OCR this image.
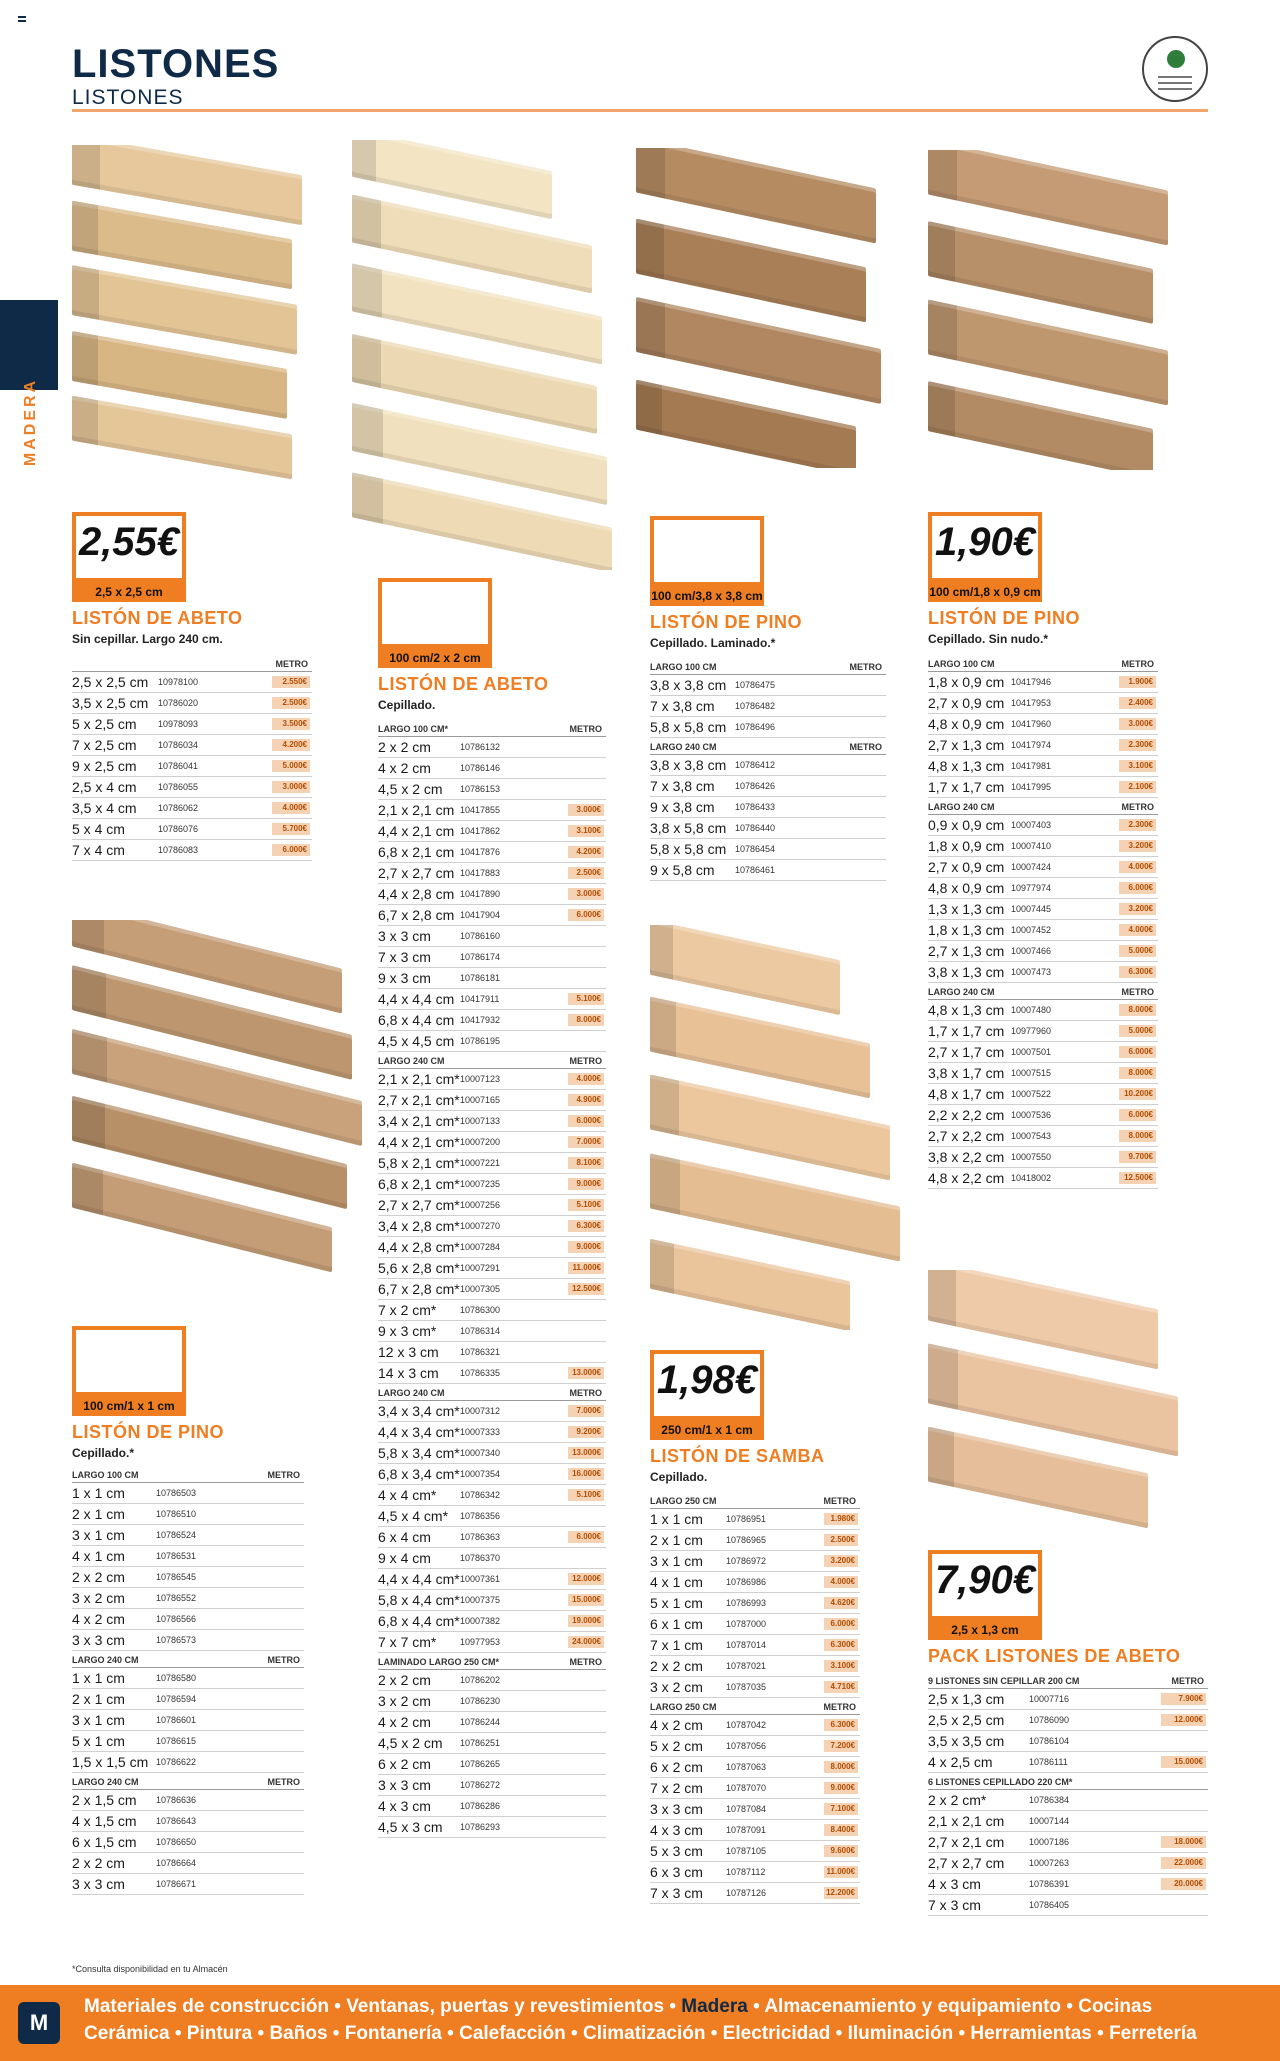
LISTONES
LISTONES
MADERA
2,55€
2,5 x 2,5 cm
100 cm/2 x 2 cm
100 cm/3,8 x 3,8 cm
1,90€
100 cm/1,8 x 0,9 cm
100 cm/1 x 1 cm
1,98€
250 cm/1 x 1 cm
7,90€
2,5 x 1,3 cm
LISTÓN DE ABETO
Sin cepillar. Largo 240 cm.
LISTÓN DE ABETO
Cepillado.
LISTÓN DE PINO
Cepillado. Laminado.*
LISTÓN DE PINO
Cepillado. Sin nudo.*
LISTÓN DE PINO
Cepillado.*	LISTÓN DE SAMBA
Cepillado.
PACK LISTONES DE ABETO
METRO
2,5 x 2,5 cm 10978100	2.550€
3,5 x 2,5 cm 10786020	2.500€
5 x 2,5 cm 10978093	3.500€
7 x 2,5 cm 10786034	4.200€
9 x 2,5 cm 10786041	5.000€
2,5 x 4 cm 10786055	3.000€
3,5 x 4 cm 10786062	4.000€
5 x 4 cm	10786076	5.700€
7 x 4 cm	10786083	6.000€
LARGO 100 CM*	METRO
2 x 2 cm	10786132
4 x 2 cm	10786146
4,5 x 2 cm 10786153
2,1 x 2,1 cm 10417855	3.000€
4,4 x 2,1 cm 10417862	3.100€
6,8 x 2,1 cm 10417876	4.200€
2,7 x 2,7 cm 10417883	2.500€
4,4 x 2,8 cm 10417890	3.000€
6,7 x 2,8 cm 10417904	6.000€
3 x 3 cm	10786160
7 x 3 cm	10786174
9 x 3 cm	10786181
4,4 x 4,4 cm 10417911	5.100€
6,8 x 4,4 cm 10417932	8.000€
4,5 x 4,5 cm 10786195
LARGO 240 CM	METRO
2,1 x 2,1 cm* 10007123	4.000€
2,7 x 2,1 cm* 10007165	4.900€
3,4 x 2,1 cm* 10007133	6.000€
4,4 x 2,1 cm* 10007200	7.000€
5,8 x 2,1 cm* 10007221	8.100€
6,8 x 2,1 cm* 10007235	9.000€
2,7 x 2,7 cm* 10007256	5.100€
3,4 x 2,8 cm* 10007270	6.300€
4,4 x 2,8 cm* 10007284	9.000€
5,6 x 2,8 cm* 10007291	11.000€
6,7 x 2,8 cm* 10007305	12.500€
7 x 2 cm*	10786300
9 x 3 cm*	10786314
12 x 3 cm 10786321
14 x 3 cm 10786335	13.000€
LARGO 240 CM	METRO
3,4 x 3,4 cm* 10007312	7.000€
4,4 x 3,4 cm* 10007333	9.200€
5,8 x 3,4 cm* 10007340	13.000€
6,8 x 3,4 cm* 10007354	16.000€
4 x 4 cm*	10786342	5.100€
4,5 x 4 cm* 10786356
6 x 4 cm	10786363	6.000€
9 x 4 cm	10786370
4,4 x 4,4 cm* 10007361	12.000€
5,8 x 4,4 cm* 10007375	15.000€
6,8 x 4,4 cm* 10007382	19.000€
7 x 7 cm*	10977953	24.000€
LAMINADO LARGO 250 CM*	METRO
2 x 2 cm	10786202
3 x 2 cm	10786230
4 x 2 cm	10786244
4,5 x 2 cm 10786251
6 x 2 cm	10786265
3 x 3 cm	10786272
4 x 3 cm	10786286
4,5 x 3 cm 10786293
LARGO 100 CM	METRO
3,8 x 3,8 cm 10786475
7 x 3,8 cm 10786482
5,8 x 5,8 cm 10786496
LARGO 240 CM	METRO
3,8 x 3,8 cm 10786412
7 x 3,8 cm 10786426
9 x 3,8 cm 10786433
3,8 x 5,8 cm 10786440
5,8 x 5,8 cm 10786454
9 x 5,8 cm 10786461
LARGO 100 CM	METRO
1,8 x 0,9 cm 10417946	1.900€
2,7 x 0,9 cm 10417953	2.400€
4,8 x 0,9 cm 10417960	3.000€
2,7 x 1,3 cm 10417974	2.300€
4,8 x 1,3 cm 10417981	3.100€
1,7 x 1,7 cm 10417995	2.100€
LARGO 240 CM	METRO
0,9 x 0,9 cm 10007403	2.300€
1,8 x 0,9 cm 10007410	3.200€
2,7 x 0,9 cm 10007424	4.000€
4,8 x 0,9 cm 10977974	6.000€
1,3 x 1,3 cm 10007445	3.200€
1,8 x 1,3 cm 10007452	4.000€
2,7 x 1,3 cm 10007466	5.000€
3,8 x 1,3 cm 10007473	6.300€
LARGO 240 CM	METRO
4,8 x 1,3 cm 10007480	8.000€
1,7 x 1,7 cm 10977960	5.000€
2,7 x 1,7 cm 10007501	6.000€
3,8 x 1,7 cm 10007515	8.000€
4,8 x 1,7 cm 10007522	10.200€
2,2 x 2,2 cm 10007536	6.000€
2,7 x 2,2 cm 10007543	8.000€
3,8 x 2,2 cm 10007550	9.700€
4,8 x 2,2 cm 10418002	12.500€
LARGO 100 CM	METRO
1 x 1 cm	10786503
2 x 1 cm	10786510
3 x 1 cm	10786524
4 x 1 cm	10786531
2 x 2 cm	10786545
3 x 2 cm	10786552
4 x 2 cm	10786566
3 x 3 cm	10786573
LARGO 240 CM	METRO
1 x 1 cm	10786580
2 x 1 cm	10786594
3 x 1 cm	10786601
5 x 1 cm	10786615
1,5 x 1,5 cm 10786622
LARGO 240 CM	METRO
2 x 1,5 cm 10786636
4 x 1,5 cm 10786643
6 x 1,5 cm 10786650
2 x 2 cm	10786664
3 x 3 cm	10786671
LARGO 250 CM	METRO
1 x 1 cm	10786951	1.980€
2 x 1 cm	10786965	2.500€
3 x 1 cm	10786972	3.200€
4 x 1 cm	10786986	4.000€
5 x 1 cm	10786993	4.620€
6 x 1 cm	10787000	6.000€
7 x 1 cm	10787014	6.300€
2 x 2 cm	10787021	3.100€
3 x 2 cm	10787035	4.710€
LARGO 250 CM	METRO
4 x 2 cm	10787042	6.300€
5 x 2 cm	10787056	7.200€
6 x 2 cm	10787063	8.000€
7 x 2 cm	10787070	9.000€
3 x 3 cm	10787084	7.100€
4 x 3 cm	10787091	8.400€
5 x 3 cm	10787105	9.600€
6 x 3 cm	10787112	11.000€
7 x 3 cm	10787126	12.200€
9 LISTONES SIN CEPILLAR 200 CM	METRO
2,5 x 1,3 cm	10007716	7.900€
2,5 x 2,5 cm	10786090	12.000€
3,5 x 3,5 cm	10786104
4 x 2,5 cm	10786111	15.000€
6 LISTONES CEPILLADO 220 CM*
2 x 2 cm*	10786384
2,1 x 2,1 cm	10007144
2,7 x 2,1 cm	10007186	18.000€
2,7 x 2,7 cm	10007263	22.000€
4 x 3 cm	10786391	20.000€
7 x 3 cm	10786405
*Consulta disponibilidad en tu Almacén
M
Materiales de construcción • Ventanas, puertas y revestimientos • Madera • Almacenamiento y equipamiento • Cocinas
Cerámica • Pintura • Baños • Fontanería • Calefacción • Climatización • Electricidad • Iluminación • Herramientas • Ferretería
